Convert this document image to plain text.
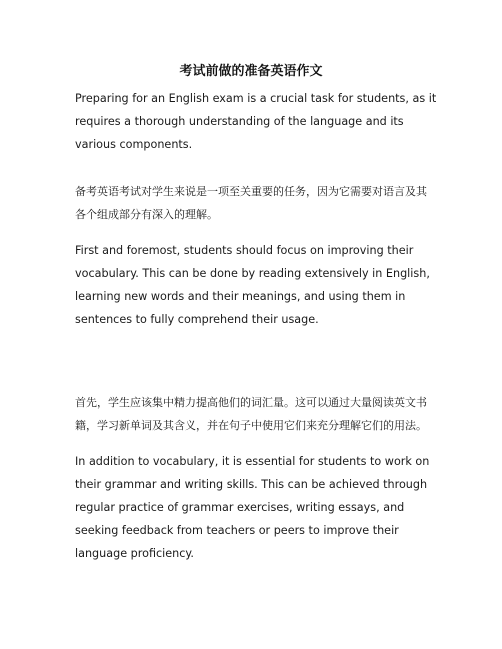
考试前做的准备英语作文

Preparing for an English exam is a crucial task for students, as it requires a thorough understanding of the language and its various components.

备考英语考试对学生来说是一项至关重要的任务，因为它需要对语言及其各个组成部分有深入的理解。

First and foremost, students should focus on improving their vocabulary. This can be done by reading extensively in English, learning new words and their meanings, and using them in sentences to fully comprehend their usage.

首先，学生应该集中精力提高他们的词汇量。这可以通过大量阅读英文书籍，学习新单词及其含义，并在句子中使用它们来充分理解它们的用法。

In addition to vocabulary, it is essential for students to work on their grammar and writing skills. This can be achieved through regular practice of grammar exercises, writing essays, and seeking feedback from teachers or peers to improve their language proficiency.
